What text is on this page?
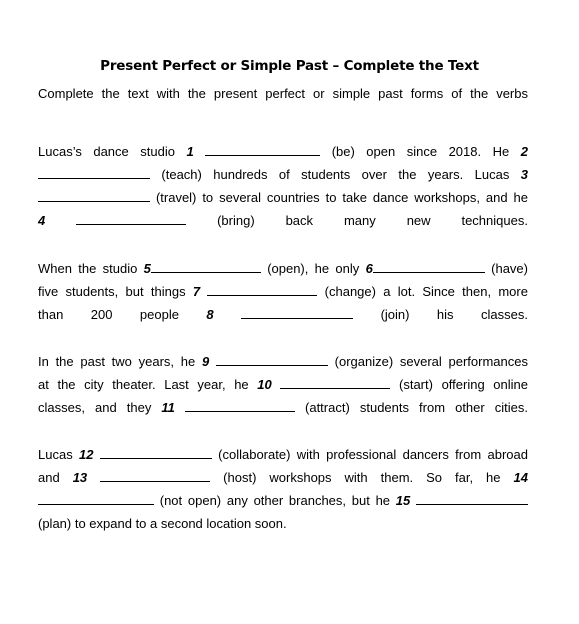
Present Perfect or Simple Past – Complete the Text
Complete the text with the present perfect or simple past forms of the verbs
Lucas’s dance studio 1	(be) open since 2018. He 2
(teach) hundreds of students over the years. Lucas 3
(travel) to several countries to take dance workshops, and he
4	(bring) back many new techniques.
When the studio 5	(open), he only 6	(have)
five students, but things 7	(change) a lot. Since then, more
than 200 people 8	(join) his classes.
In the past two years, he 9	(organize) several performances
at the city theater. Last year, he 10	(start) offering online
classes, and they 11	(attract) students from other cities.
Lucas 12	(collaborate) with professional dancers from abroad
and 13	(host) workshops with them. So far, he 14
(not open) any other branches, but he 15
(plan) to expand to a second location soon.
